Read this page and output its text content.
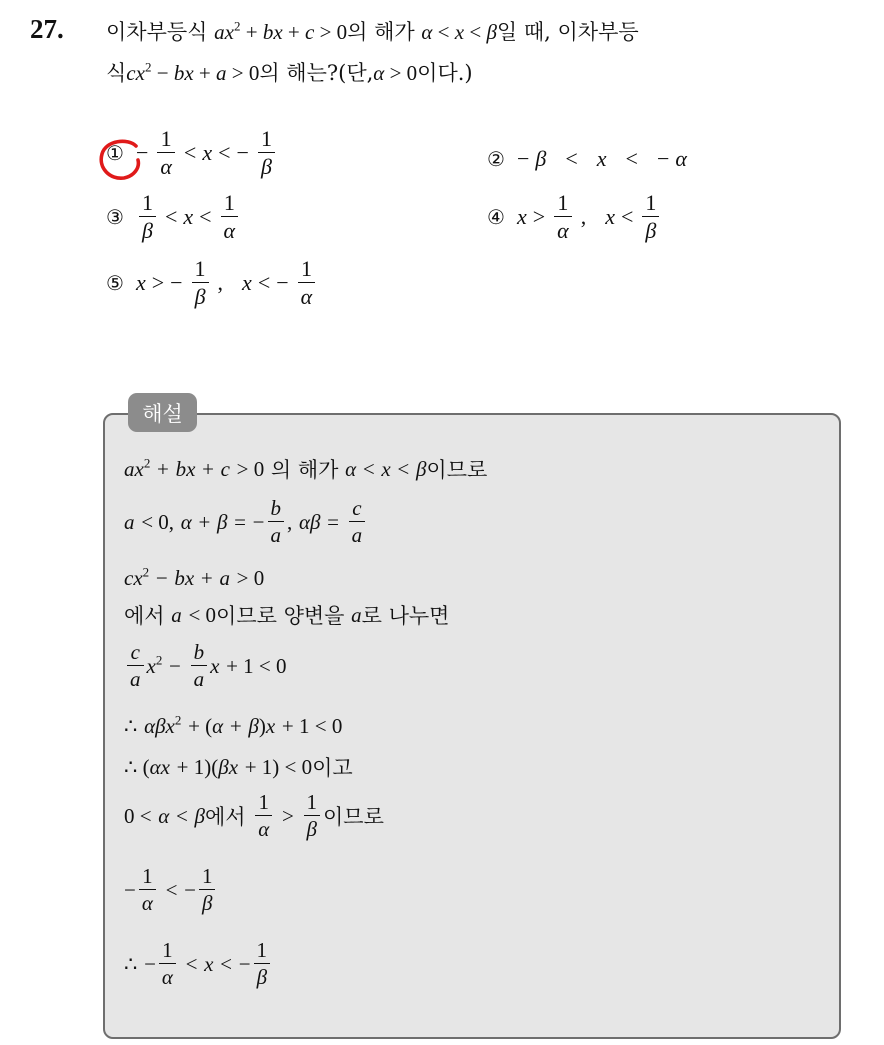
27. 이차부등식 $ax^2$ + bx + c > 0의 해가 α < x < β일 때, 이차부등
식$cx^2$ − bx + a > 0의 해는?(단,α > 0이다.)
① − $\frac{1}{\alpha} < x$ < − $\frac{1}{\beta}$	② − β
<
x
<
− α
③ $\frac{1}{\beta} < x < \frac{1}{\alpha}$	④ $x > \frac{1}{\alpha}$ ,
$x < \frac{1}{\beta}$
⑤ x > − $\frac{1}{\beta}$ ,
x < − $\frac{1}{\alpha}$
해설
$ax^2$
+
bx
+
c
> 0
의 해가
α
<
x
<
β 이므로
a
< 0,
α
+
β
=
− $\frac{b}{a}$ ,
αβ
=
$\frac{c}{a}$
$cx^2$
−
bx
+
a
> 0
에서
a
< 0 이므로 양변을
a 로 나누면
$\frac{c}{a} x^2$
−
$\frac{b}{a}$ x
+ 1 < 0
∴
αβx$^2$
+ ( α
+
β ) x
+ 1 < 0
∴ ( αx
+ 1)( βx
+ 1) < 0 이고
0 <
α
<
β 에서
$\frac{1}{\alpha}$
>
$\frac{1}{\beta}$ 이므로
− $\frac{1}{\alpha}$
<
− $\frac{1}{\beta}$
∴
− $\frac{1}{\alpha}$
<
x
<
− $\frac{1}{\beta}$
